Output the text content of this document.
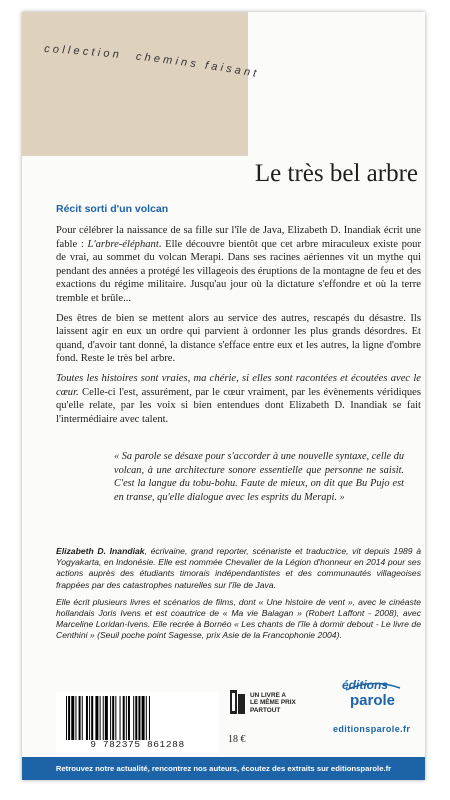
collection chemins faisant
Le très bel arbre
Récit sorti d'un volcan

Pour célébrer la naissance de sa fille sur l'île de Java, Elizabeth D. Inandiak écrit une fable : L'arbre-éléphant. Elle découvre bientôt que cet arbre miraculeux existe pour de vrai, au sommet du volcan Merapi. Dans ses racines aériennes vit un mythe qui pendant des années a protégé les villageois des éruptions de la montagne de feu et des exactions du régime militaire. Jusqu'au jour où la dictature s'effondre et où la terre tremble et brûle...

Des êtres de bien se mettent alors au service des autres, rescapés du désastre. Ils laissent agir en eux un ordre qui parvient à ordonner les plus grands désordres. Et quand, d'avoir tant donné, la distance s'efface entre eux et les autres, la ligne d'ombre fond. Reste le très bel arbre.

Toutes les histoires sont vraies, ma chérie, si elles sont racontées et écoutées avec le cœur. Celle-ci l'est, assurément, par le cœur vraiment, par les évènements véridiques qu'elle relate, par les voix si bien entendues dont Elizabeth D. Inandiak se fait l'intermédiaire avec talent.

« Sa parole se désaxe pour s'accorder à une nouvelle syntaxe, celle du volcan, à une architecture sonore essentielle que personne ne saisit. C'est la langue du tobu-bohu. Faute de mieux, on dit que Bu Pujo est en transe, qu'elle dialogue avec les esprits du Merapi. »

Elizabeth D. Inandiak, écrivaine, grand reporter, scénariste et traductrice, vit depuis 1989 à Yogyakarta, en Indonésie. Elle est nommée Chevalier de la Légion d'honneur en 2014 pour ses actions auprès des étudiants timorais indépendantistes et des communautés villageoises frappées par des catastrophes naturelles sur l'île de Java.

Elle écrit plusieurs livres et scénarios de films, dont « Une histoire de vent », avec le cinéaste hollandais Joris Ivens et est coautrice de « Ma vie Balagan » (Robert Laffont - 2008), avec Marceline Loridan-Ivens. Elle recrée à Bornéo « Les chants de l'île à dormir debout - Le livre de Centhini » (Seuil poche point Sagesse, prix Asie de la Francophonie 2004).

9 782375 861288	18 €
UN LIVRE A
LE MÊME PRIX
PARTOUT
éditions
parole
editionsparole.fr
Retrouvez notre actualité, rencontrez nos auteurs, écoutez des extraits sur editionsparole.fr
